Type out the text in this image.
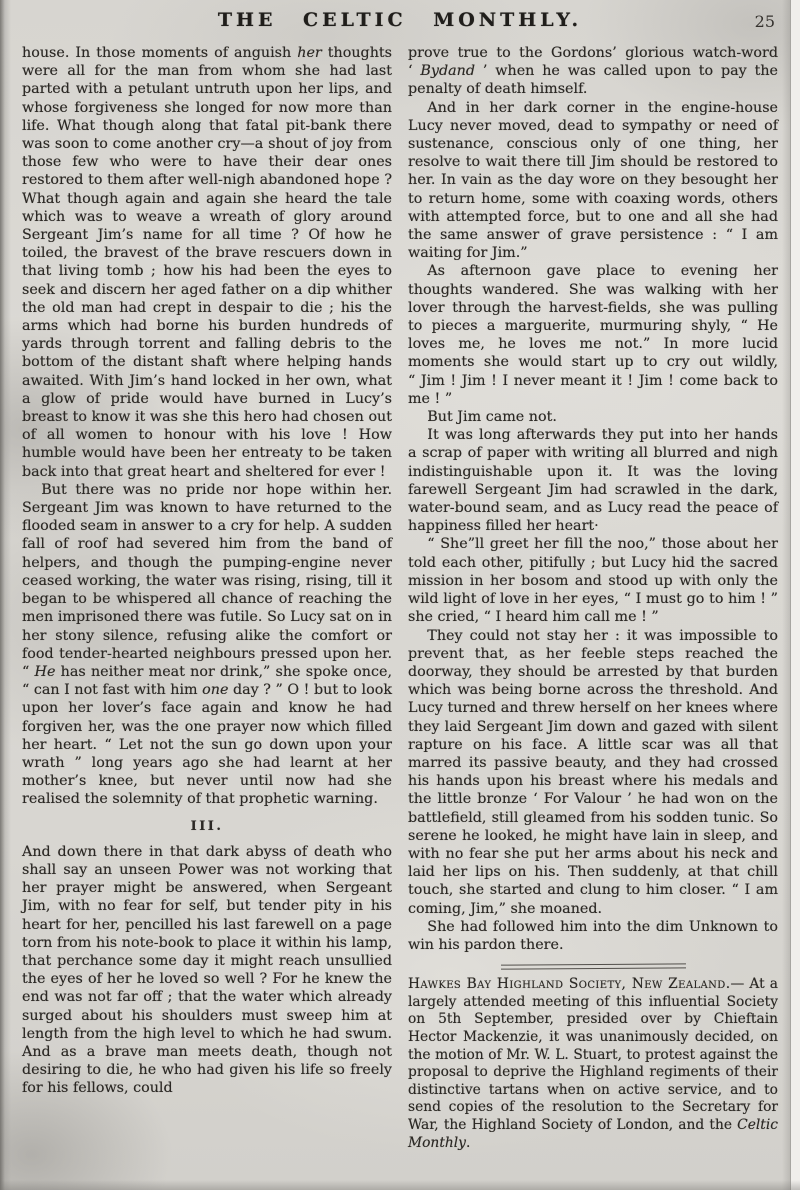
THE CELTIC MONTHLY.	25

house. In those moments of anguish her thoughts were all for the man from whom she had last parted with a petulant untruth upon her lips, and whose forgiveness she longed for now more than life. What though along that fatal pit-bank there was soon to come another cry—a shout of joy from those few who were to have their dear ones restored to them after well-nigh abandoned hope ? What though again and again she heard the tale which was to weave a wreath of glory around Sergeant Jim’s name for all time ? Of how he toiled, the bravest of the brave rescuers down in that living tomb ; how his had been the eyes to seek and discern her aged father on a dip whither the old man had crept in despair to die ; his the arms which had borne his burden hundreds of yards through torrent and falling debris to the bottom of the distant shaft where helping hands awaited. With Jim’s hand locked in her own, what a glow of pride would have burned in Lucy’s breast to know it was she this hero had chosen out of all women to honour with his love ! How humble would have been her entreaty to be taken back into that great heart and sheltered for ever !

But there was no pride nor hope within her. Sergeant Jim was known to have returned to the flooded seam in answer to a cry for help. A sudden fall of roof had severed him from the band of helpers, and though the pumping-engine never ceased working, the water was rising, rising, till it began to be whispered all chance of reaching the men imprisoned there was futile. So Lucy sat on in her stony silence, refusing alike the comfort or food tender-hearted neighbours pressed upon her. “ He has neither meat nor drink,” she spoke once, “ can I not fast with him one day ? ” O ! but to look upon her lover’s face again and know he had forgiven her, was the one prayer now which filled her heart. “ Let not the sun go down upon your wrath ” long years ago she had learnt at her mother’s knee, but never until now had she realised the solemnity of that prophetic warning.

III.

And down there in that dark abyss of death who shall say an unseen Power was not working that her prayer might be answered, when Sergeant Jim, with no fear for self, but tender pity in his heart for her, pencilled his last farewell on a page torn from his note-book to place it within his lamp, that perchance some day it might reach unsullied the eyes of her he loved so well ? For he knew the end was not far off ; that the water which already surged about his shoulders must sweep him at length from the high level to which he had swum. And as a brave man meets death, though not desiring to die, he who had given his life so freely for his fellows, could

prove true to the Gordons’ glorious watch-word ‘ Bydand ’ when he was called upon to pay the penalty of death himself.

And in her dark corner in the engine-house Lucy never moved, dead to sympathy or need of sustenance, conscious only of one thing, her resolve to wait there till Jim should be restored to her. In vain as the day wore on they besought her to return home, some with coaxing words, others with attempted force, but to one and all she had the same answer of grave persistence : “ I am waiting for Jim.”

As afternoon gave place to evening her thoughts wandered. She was walking with her lover through the harvest-fields, she was pulling to pieces a marguerite, murmuring shyly, “ He loves me, he loves me not.” In more lucid moments she would start up to cry out wildly, “ Jim ! Jim ! I never meant it ! Jim ! come back to me ! ”

But Jim came not.

It was long afterwards they put into her hands a scrap of paper with writing all blurred and nigh indistinguishable upon it. It was the loving farewell Sergeant Jim had scrawled in the dark, water-bound seam, and as Lucy read the peace of happiness filled her heart·

“ She”ll greet her fill the noo,” those about her told each other, pitifully ; but Lucy hid the sacred mission in her bosom and stood up with only the wild light of love in her eyes, “ I must go to him ! ” she cried, “ I heard him call me ! ”

They could not stay her : it was impossible to prevent that, as her feeble steps reached the doorway, they should be arrested by that burden which was being borne across the threshold. And Lucy turned and threw herself on her knees where they laid Sergeant Jim down and gazed with silent rapture on his face. A little scar was all that marred its passive beauty, and they had crossed his hands upon his breast where his medals and the little bronze ‘ For Valour ’ he had won on the battlefield, still gleamed from his sodden tunic. So serene he looked, he might have lain in sleep, and with no fear she put her arms about his neck and laid her lips on his. Then suddenly, at that chill touch, she started and clung to him closer. “ I am coming, Jim,” she moaned.

She had followed him into the dim Unknown to win his pardon there.

Hawkes Bay Highland Society, New Zealand.— At a largely attended meeting of this influential Society on 5th September, presided over by Chieftain Hector Mackenzie, it was unanimously decided, on the motion of Mr. W. L. Stuart, to protest against the proposal to deprive the Highland regiments of their distinctive tartans when on active service, and to send copies of the resolution to the Secretary for War, the Highland Society of London, and the Celtic Monthly.
